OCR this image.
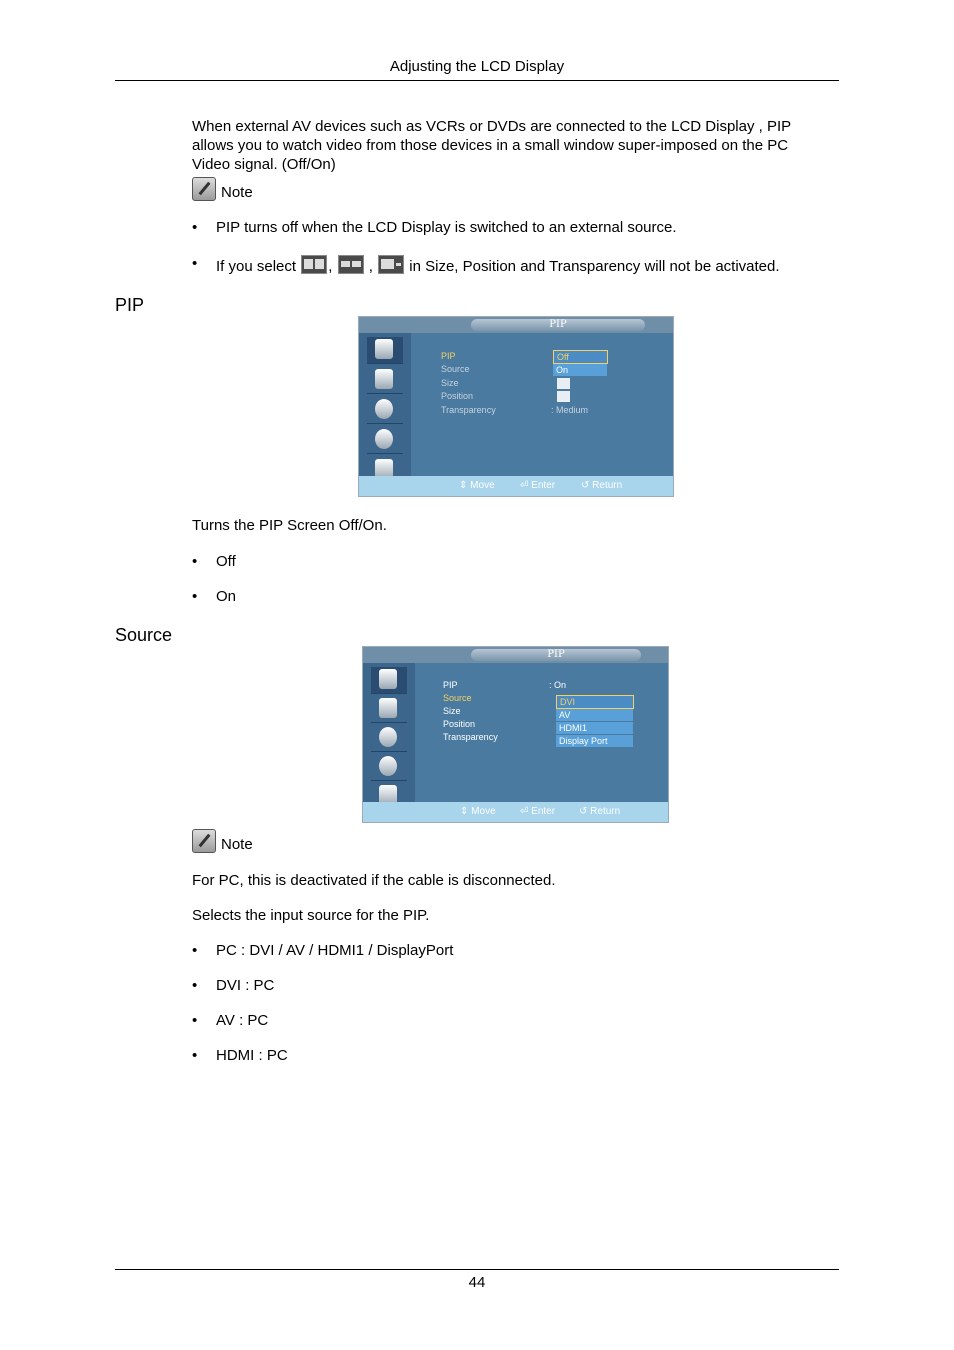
Adjusting the LCD Display
When external AV devices such as VCRs or DVDs are connected to the LCD Display , PIP
allows you to watch video from those devices in a small window super-imposed on the PC
Video signal. (Off/On)
Note
• PIP turns off when the LCD Display is switched to an external source.
• If you select , , in Size, Position and Transparency will not be activated.
PIP
PIP
PIP
Source
Size
Position
Transparency	: Medium
Off
On
⇕ Move	⏎ Enter	↺ Return
Turns the PIP Screen Off/On.
• Off
• On
Source
PIP
PIP	: On
Source
Size
Position
Transparency
DVI
AV
HDMI1
Display Port
⇕ Move ⏎ Enter ↺ Return
Note
For PC, this is deactivated if the cable is disconnected.
Selects the input source for the PIP.
• PC : DVI / AV / HDMI1 / DisplayPort
• DVI : PC
• AV : PC
• HDMI : PC
44
